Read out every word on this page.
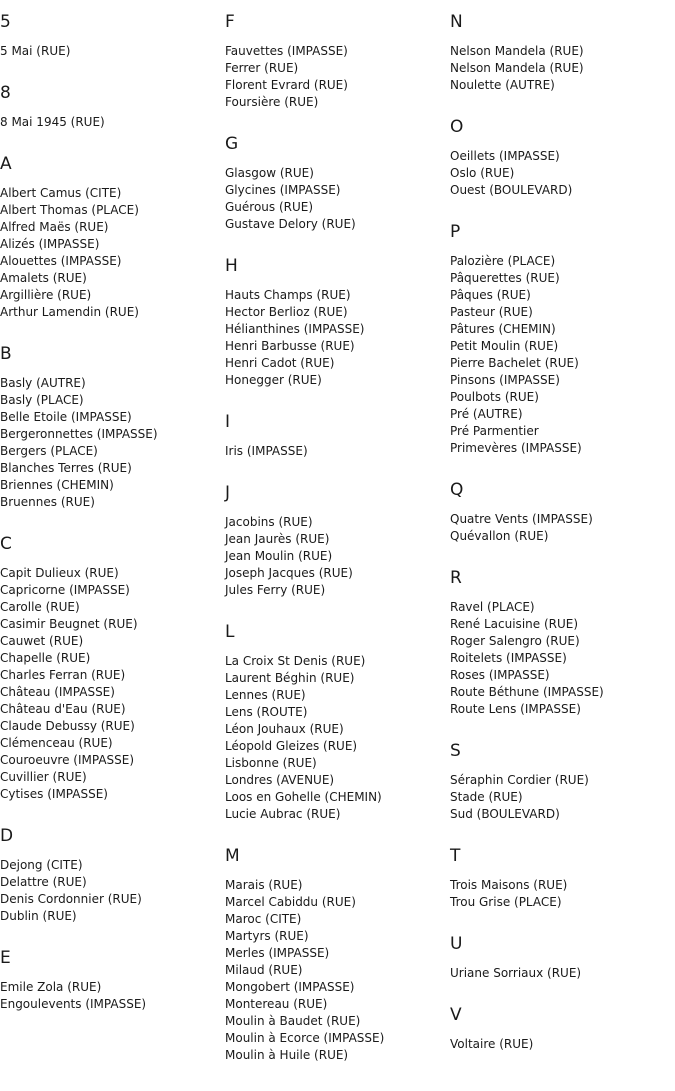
5
5 Mai (RUE)
8
8 Mai 1945 (RUE)
A
Albert Camus (CITE)
Albert Thomas (PLACE)
Alfred Maës (RUE)
Alizés (IMPASSE)
Alouettes (IMPASSE)
Amalets (RUE)
Argillière (RUE)
Arthur Lamendin (RUE)
B
Basly (AUTRE)
Basly (PLACE)
Belle Etoile (IMPASSE)
Bergeronnettes (IMPASSE)
Bergers (PLACE)
Blanches Terres (RUE)
Briennes (CHEMIN)
Bruennes (RUE)
C
Capit Dulieux (RUE)
Capricorne (IMPASSE)
Carolle (RUE)
Casimir Beugnet (RUE)
Cauwet (RUE)
Chapelle (RUE)
Charles Ferran (RUE)
Château (IMPASSE)
Château d'Eau (RUE)
Claude Debussy (RUE)
Clémenceau (RUE)
Couroeuvre (IMPASSE)
Cuvillier (RUE)
Cytises (IMPASSE)
D
Dejong (CITE)
Delattre (RUE)
Denis Cordonnier (RUE)
Dublin (RUE)
E
Emile Zola (RUE)
Engoulevents (IMPASSE)
F
Fauvettes (IMPASSE)
Ferrer (RUE)
Florent Evrard (RUE)
Foursière (RUE)
G
Glasgow (RUE)
Glycines (IMPASSE)
Guérous (RUE)
Gustave Delory (RUE)
H
Hauts Champs (RUE)
Hector Berlioz (RUE)
Hélianthines (IMPASSE)
Henri Barbusse (RUE)
Henri Cadot (RUE)
Honegger (RUE)
I
Iris (IMPASSE)
J
Jacobins (RUE)
Jean Jaurès (RUE)
Jean Moulin (RUE)
Joseph Jacques (RUE)
Jules Ferry (RUE)
L
La Croix St Denis (RUE)
Laurent Béghin (RUE)
Lennes (RUE)
Lens (ROUTE)
Léon Jouhaux (RUE)
Léopold Gleizes (RUE)
Lisbonne (RUE)
Londres (AVENUE)
Loos en Gohelle (CHEMIN)
Lucie Aubrac (RUE)
M
Marais (RUE)
Marcel Cabiddu (RUE)
Maroc (CITE)
Martyrs (RUE)
Merles (IMPASSE)
Milaud (RUE)
Mongobert (IMPASSE)
Montereau (RUE)
Moulin à Baudet (RUE)
Moulin à Ecorce (IMPASSE)
Moulin à Huile (RUE)
N
Nelson Mandela (RUE)
Nelson Mandela (RUE)
Noulette (AUTRE)
O
Oeillets (IMPASSE)
Oslo (RUE)
Ouest (BOULEVARD)
P
Palozière (PLACE)
Pâquerettes (RUE)
Pâques (RUE)
Pasteur (RUE)
Pâtures (CHEMIN)
Petit Moulin (RUE)
Pierre Bachelet (RUE)
Pinsons (IMPASSE)
Poulbots (RUE)
Pré (AUTRE)
Pré Parmentier
Primevères (IMPASSE)
Q
Quatre Vents (IMPASSE)
Quévallon (RUE)
R
Ravel (PLACE)
René Lacuisine (RUE)
Roger Salengro (RUE)
Roitelets (IMPASSE)
Roses (IMPASSE)
Route Béthune (IMPASSE)
Route Lens (IMPASSE)
S
Séraphin Cordier (RUE)
Stade (RUE)
Sud (BOULEVARD)
T
Trois Maisons (RUE)
Trou Grise (PLACE)
U
Uriane Sorriaux (RUE)
V
Voltaire (RUE)
